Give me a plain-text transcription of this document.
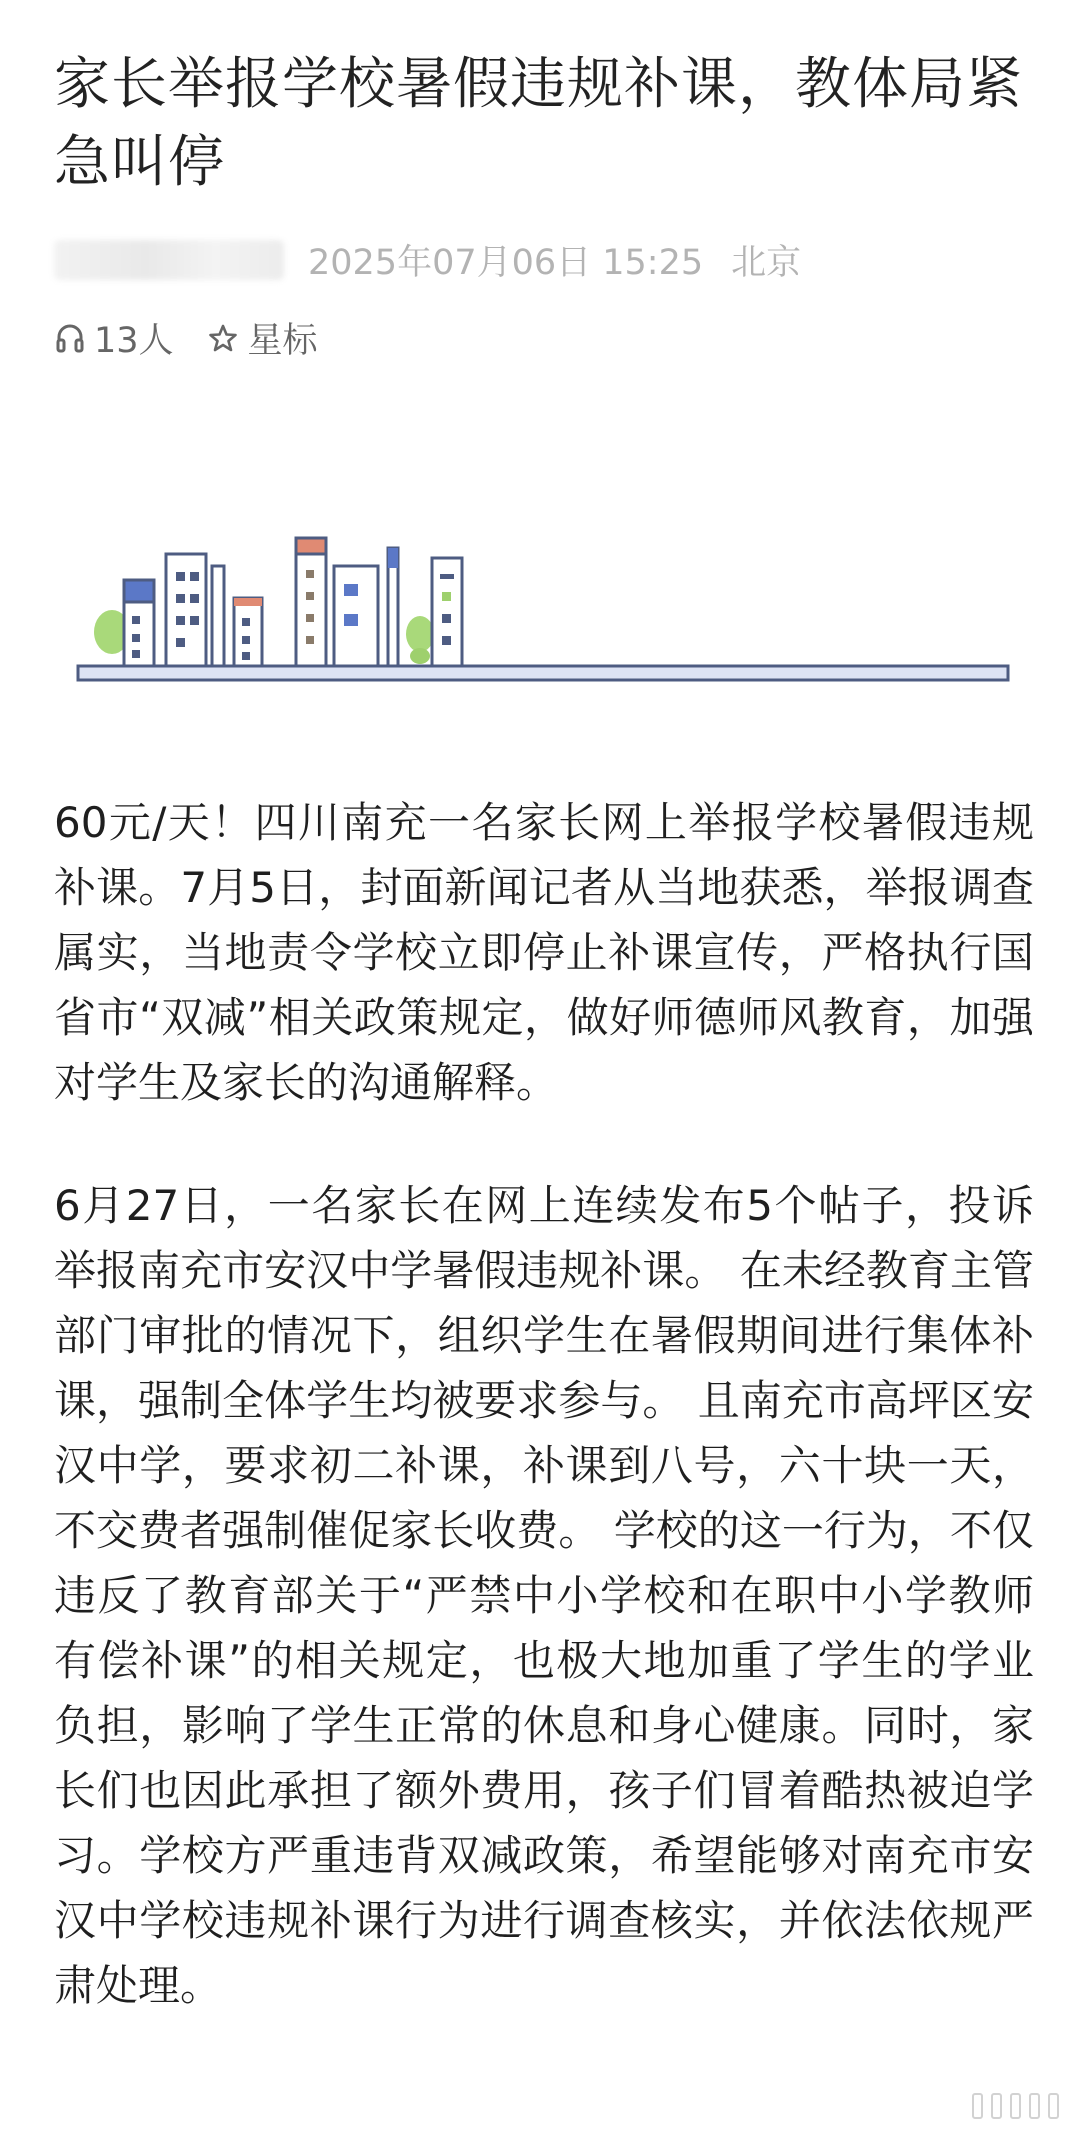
家长举报学校暑假违规补课，教体局紧急叫停
2025年07月06日 15:25 北京
13人 星标

60元/天！四川南充一名家长网上举报学校暑假违规补课。7月5日，封面新闻记者从当地获悉，举报调查属实，当地责令学校立即停止补课宣传，严格执行国省市“双减”相关政策规定，做好师德师风教育，加强对学生及家长的沟通解释。

6月27日，一名家长在网上连续发布5个帖子，投诉举报南充市安汉中学暑假违规补课。 在未经教育主管部门审批的情况下，组织学生在暑假期间进行集体补课，强制全体学生均被要求参与。 且南充市高坪区安汉中学，要求初二补课，补课到八号，六十块一天，不交费者强制催促家长收费。 学校的这一行为，不仅违反了教育部关于“严禁中小学校和在职中小学教师有偿补课”的相关规定，也极大地加重了学生的学业负担，影响了学生正常的休息和身心健康。同时，家长们也因此承担了额外费用，孩子们冒着酷热被迫学习。学校方严重违背双减政策，希望能够对南充市安汉中学校违规补课行为进行调查核实，并依法依规严肃处理。
